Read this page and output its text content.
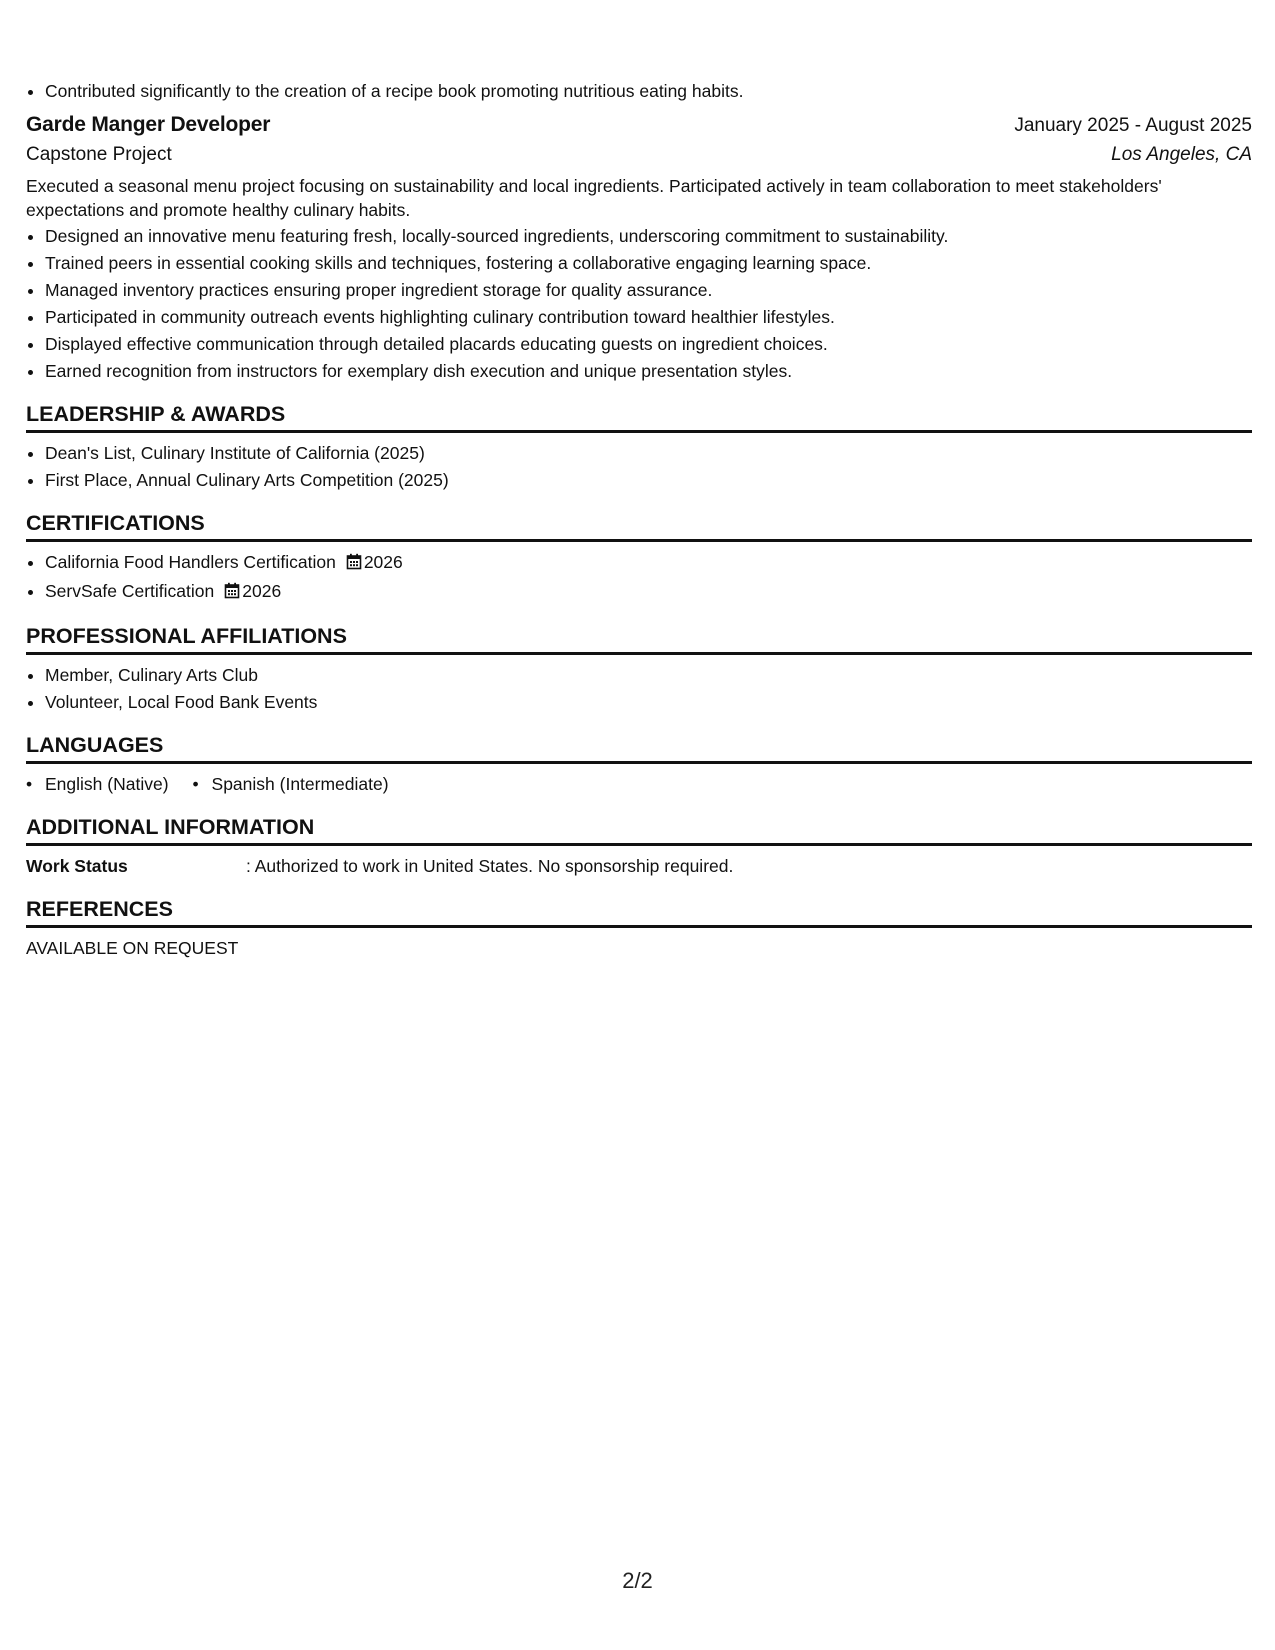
• Contributed significantly to the creation of a recipe book promoting nutritious eating habits.
Garde Manger Developer	January 2025 - August 2025
Capstone Project	Los Angeles, CA
Executed a seasonal menu project focusing on sustainability and local ingredients. Participated actively in team collaboration to meet stakeholders' expectations and promote healthy culinary habits.
• Designed an innovative menu featuring fresh, locally-sourced ingredients, underscoring commitment to sustainability.
• Trained peers in essential cooking skills and techniques, fostering a collaborative engaging learning space.
• Managed inventory practices ensuring proper ingredient storage for quality assurance.
• Participated in community outreach events highlighting culinary contribution toward healthier lifestyles.
• Displayed effective communication through detailed placards educating guests on ingredient choices.
• Earned recognition from instructors for exemplary dish execution and unique presentation styles.
LEADERSHIP & AWARDS
• Dean's List, Culinary Institute of California (2025)
• First Place, Annual Culinary Arts Competition (2025)
CERTIFICATIONS
• California Food Handlers Certification 2026
• ServSafe Certification 2026
PROFESSIONAL AFFILIATIONS
• Member, Culinary Arts Club
• Volunteer, Local Food Bank Events
LANGUAGES
• English (Native)
•	Spanish (Intermediate)
ADDITIONAL INFORMATION
Work Status	: Authorized to work in United States. No sponsorship required.
REFERENCES
AVAILABLE ON REQUEST
2/2
